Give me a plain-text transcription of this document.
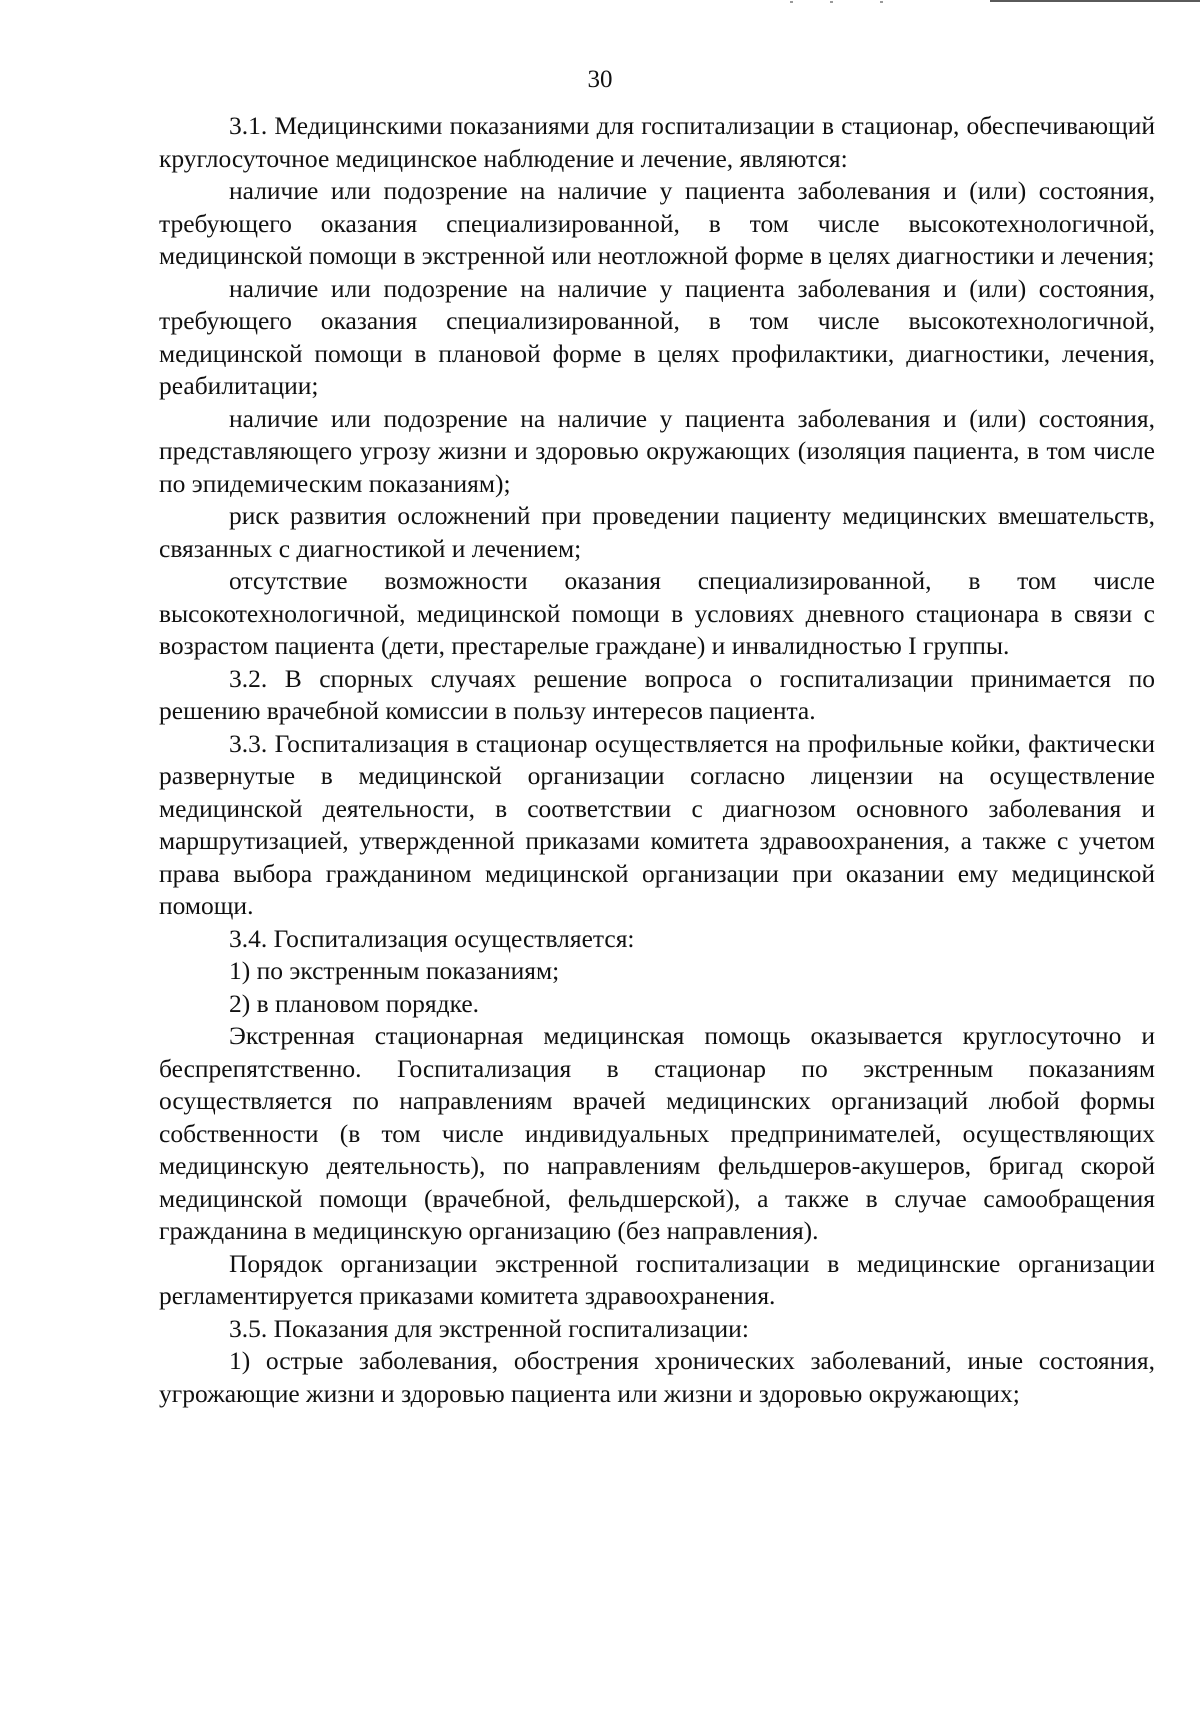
30

3.1. Медицинскими показаниями для госпитализации в стационар, обеспечивающий круглосуточное медицинское наблюдение и лечение, являются:

наличие или подозрение на наличие у пациента заболевания и (или) состояния, требующего оказания специализированной, в том числе высокотехнологичной, медицинской помощи в экстренной или неотложной форме в целях диагностики и лечения;

наличие или подозрение на наличие у пациента заболевания и (или) состояния, требующего оказания специализированной, в том числе высокотехнологичной, медицинской помощи в плановой форме в целях профилактики, диагностики, лечения, реабилитации;

наличие или подозрение на наличие у пациента заболевания и (или) состояния, представляющего угрозу жизни и здоровью окружающих (изоляция пациента, в том числе по эпидемическим показаниям);

риск развития осложнений при проведении пациенту медицинских вмешательств, связанных с диагностикой и лечением;

отсутствие возможности оказания специализированной, в том числе высокотехнологичной, медицинской помощи в условиях дневного стационара в связи с возрастом пациента (дети, престарелые граждане) и инвалидностью I группы.

3.2. В спорных случаях решение вопроса о госпитализации принимается по решению врачебной комиссии в пользу интересов пациента.

3.3. Госпитализация в стационар осуществляется на профильные койки, фактически развернутые в медицинской организации согласно лицензии на осуществление медицинской деятельности, в соответствии с диагнозом основного заболевания и маршрутизацией, утвержденной приказами комитета здравоохранения, а также с учетом права выбора гражданином медицинской организации при оказании ему медицинской помощи.

3.4. Госпитализация осуществляется:

1) по экстренным показаниям;

2) в плановом порядке.

Экстренная стационарная медицинская помощь оказывается круглосуточно и беспрепятственно. Госпитализация в стационар по экстренным показаниям осуществляется по направлениям врачей медицинских организаций любой формы собственности (в том числе индивидуальных предпринимателей, осуществляющих медицинскую деятельность), по направлениям фельдшеров-акушеров, бригад скорой медицинской помощи (врачебной, фельдшерской), а также в случае самообращения гражданина в медицинскую организацию (без направления).

Порядок организации экстренной госпитализации в медицинские организации регламентируется приказами комитета здравоохранения.

3.5. Показания для экстренной госпитализации:

1) острые заболевания, обострения хронических заболеваний, иные состояния, угрожающие жизни и здоровью пациента или жизни и здоровью окружающих;
